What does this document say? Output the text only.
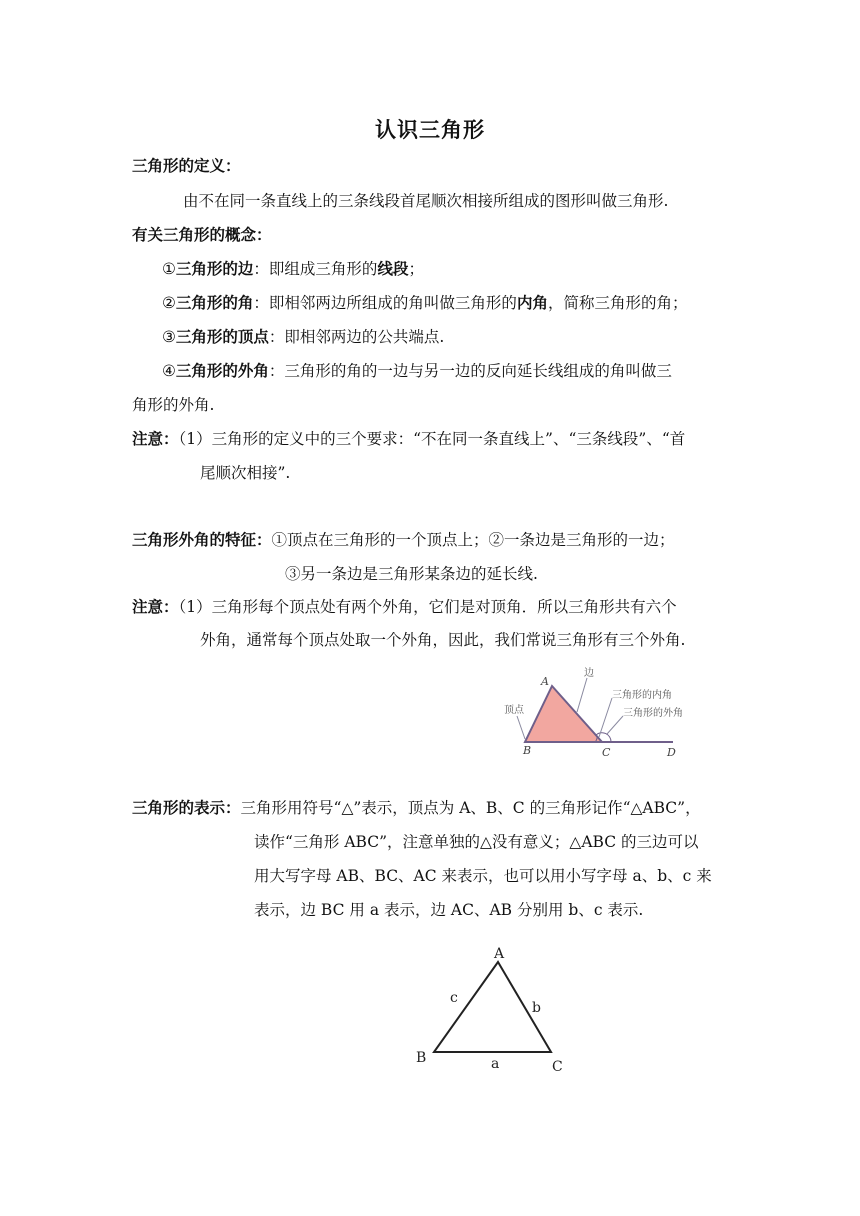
认识三角形
三角形的定义：
由不在同一条直线上的三条线段首尾顺次相接所组成的图形叫做三角形.
有关三角形的概念：
①三角形的边：即组成三角形的线段；
②三角形的角：即相邻两边所组成的角叫做三角形的内角，简称三角形的角；
③三角形的顶点：即相邻两边的公共端点.
④三角形的外角：三角形的角的一边与另一边的反向延长线组成的角叫做三
角形的外角.
注意：（1）三角形的定义中的三个要求：“不在同一条直线上”、“三条线段”、“首
尾顺次相接”.
三角形外角的特征：①顶点在三角形的一个顶点上；②一条边是三角形的一边；
③另一条边是三角形某条边的延长线.
注意：（1）三角形每个顶点处有两个外角，它们是对顶角．所以三角形共有六个
外角，通常每个顶点处取一个外角，因此，我们常说三角形有三个外角.
顶点
边
三角形的内角
三角形的外角
A
B	C	D
三角形的表示：三角形用符号“△”表示，顶点为 A、B、C 的三角形记作“△ABC”，
读作“三角形 ABC”，注意单独的△没有意义；△ABC 的三边可以
用大写字母 AB、BC、AC 来表示，也可以用小写字母 a、b、c 来
表示，边 BC 用 a 表示，边 AC、AB 分别用 b、c 表示.
A
B
C
a
b
c
